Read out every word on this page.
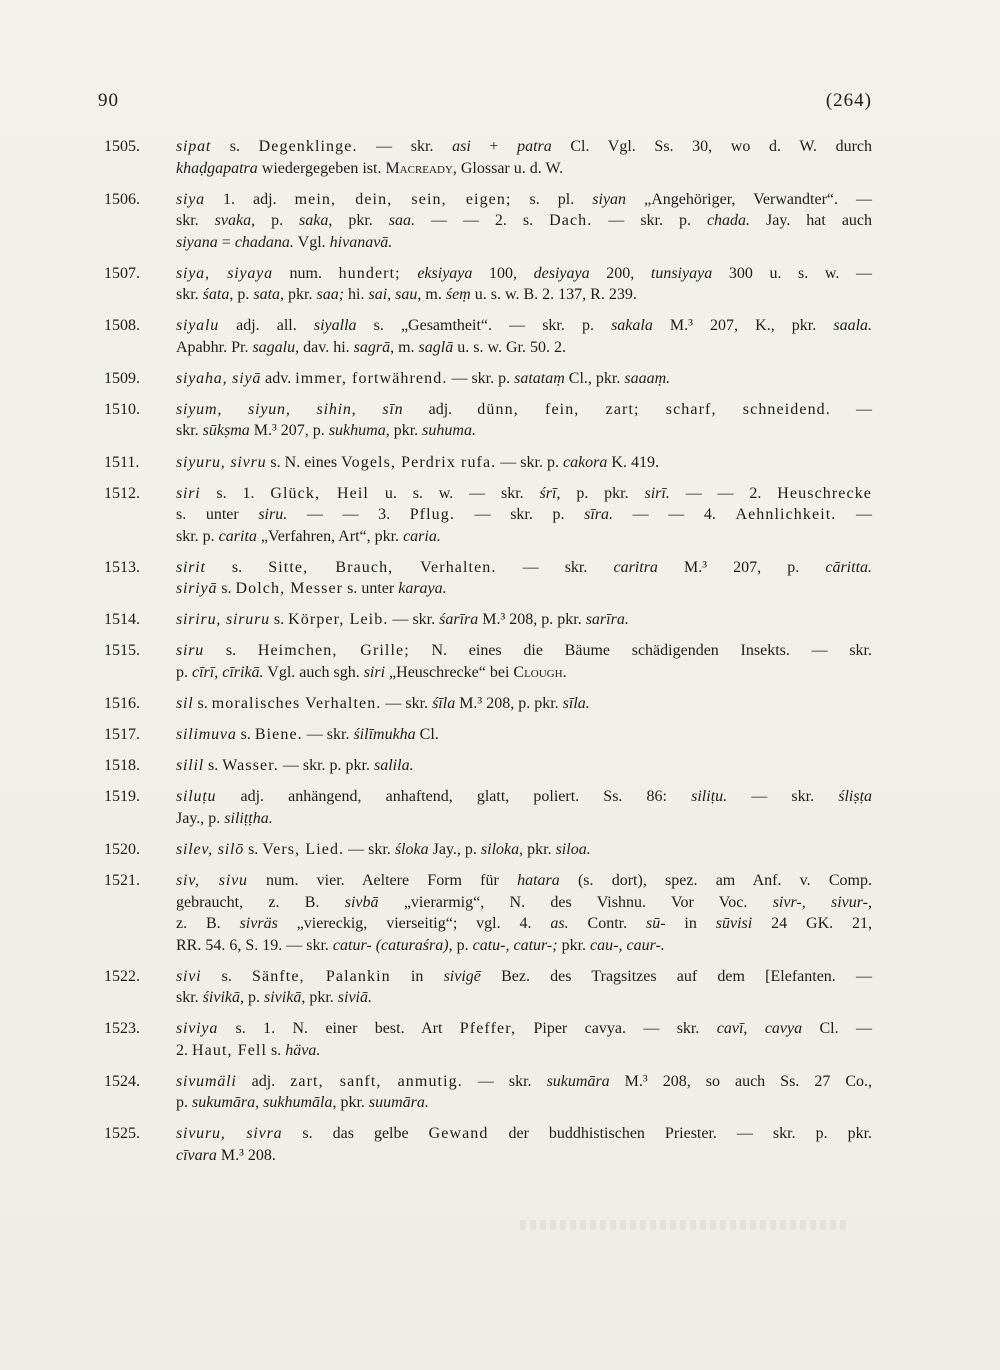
90	(264)
1505. sipat s. Degenklinge. — skr. asi + patra Cl. Vgl. Ss. 30, wo d. W. durch
khaḍgapatra wiedergegeben ist. Macready, Glossar u. d. W.
1506. siya 1. adj. mein, dein, sein, eigen; s. pl. siyan „Angehöriger, Verwandter“. —
skr. svaka, p. saka, pkr. saa. — — 2. s. Dach. — skr. p. chada. Jay. hat auch
siyana = chadana. Vgl. hivanavā.
1507. siya, siyaya num. hundert; eksiyaya 100, desiyaya 200, tunsiyaya 300 u. s. w. —
skr. śata, p. sata, pkr. saa; hi. sai, sau, m. śeṃ u. s. w. B. 2. 137, R. 239.
1508. siyalu adj. all. siyalla s. „Gesamtheit“. — skr. p. sakala M.³ 207, K., pkr. saala.
Apabhr. Pr. sagalu, dav. hi. sagrā, m. saglā u. s. w. Gr. 50. 2.
1509. siyaha, siyā adv. immer, fortwährend. — skr. p. satataṃ Cl., pkr. saaaṃ.
1510. siyum, siyun, sihin, sīn adj. dünn, fein, zart; scharf, schneidend. —
skr. sūkṣma M.³ 207, p. sukhuma, pkr. suhuma.
1511. siyuru, sivru s. N. eines Vogels, Perdrix rufa. — skr. p. cakora K. 419.
1512. siri s. 1. Glück, Heil u. s. w. — skr. śrī, p. pkr. sirī. — — 2. Heuschrecke
s. unter siru. — — 3. Pflug. — skr. p. sīra. — — 4. Aehnlichkeit. —
skr. p. carita „Verfahren, Art“, pkr. caria.
1513. sirit s. Sitte, Brauch, Verhalten. — skr. caritra M.³ 207, p. cāritta.
siriyā s. Dolch, Messer s. unter karaya.
1514. siriru, siruru s. Körper, Leib. — skr. śarīra M.³ 208, p. pkr. sarīra.
1515. siru s. Heimchen, Grille; N. eines die Bäume schädigenden Insekts. — skr.
p. cīrī, cīrikā. Vgl. auch sgh. siri „Heuschrecke“ bei Clough.
1516. sil s. moralisches Verhalten. — skr. śīla M.³ 208, p. pkr. sīla.
1517. silimuva s. Biene. — skr. śilīmukha Cl.
1518. silil s. Wasser. — skr. p. pkr. salila.
1519. siluṭu adj. anhängend, anhaftend, glatt, poliert. Ss. 86: siliṭu. — skr. śliṣṭa
Jay., p. siliṭṭha.
1520. silev, silō s. Vers, Lied. — skr. śloka Jay., p. siloka, pkr. siloa.
1521. siv, sivu num. vier. Aeltere Form für hatara (s. dort), spez. am Anf. v. Comp.
gebraucht, z. B. sivbā „vierarmig“, N. des Vishnu. Vor Voc. sivr-, sivur-,
z. B. sivräs „viereckig, vierseitig“; vgl. 4. as. Contr. sū- in sūvisi 24 GK. 21,
RR. 54. 6, S. 19. — skr. catur- (caturaśra), p. catu-, catur-; pkr. cau-, caur-.
1522. sivi s. Sänfte, Palankin in sivigē Bez. des Tragsitzes auf dem [Elefanten. —
skr. śivikā, p. sivikā, pkr. siviā.
1523. siviya s. 1. N. einer best. Art Pfeffer, Piper cavya. — skr. cavī, cavya Cl. —
2. Haut, Fell s. häva.
1524. sivumäli adj. zart, sanft, anmutig. — skr. sukumāra M.³ 208, so auch Ss. 27 Co.,
p. sukumāra, sukhumāla, pkr. suumāra.
1525. sivuru, sivra s. das gelbe Gewand der buddhistischen Priester. — skr. p. pkr.
cīvara M.³ 208.
